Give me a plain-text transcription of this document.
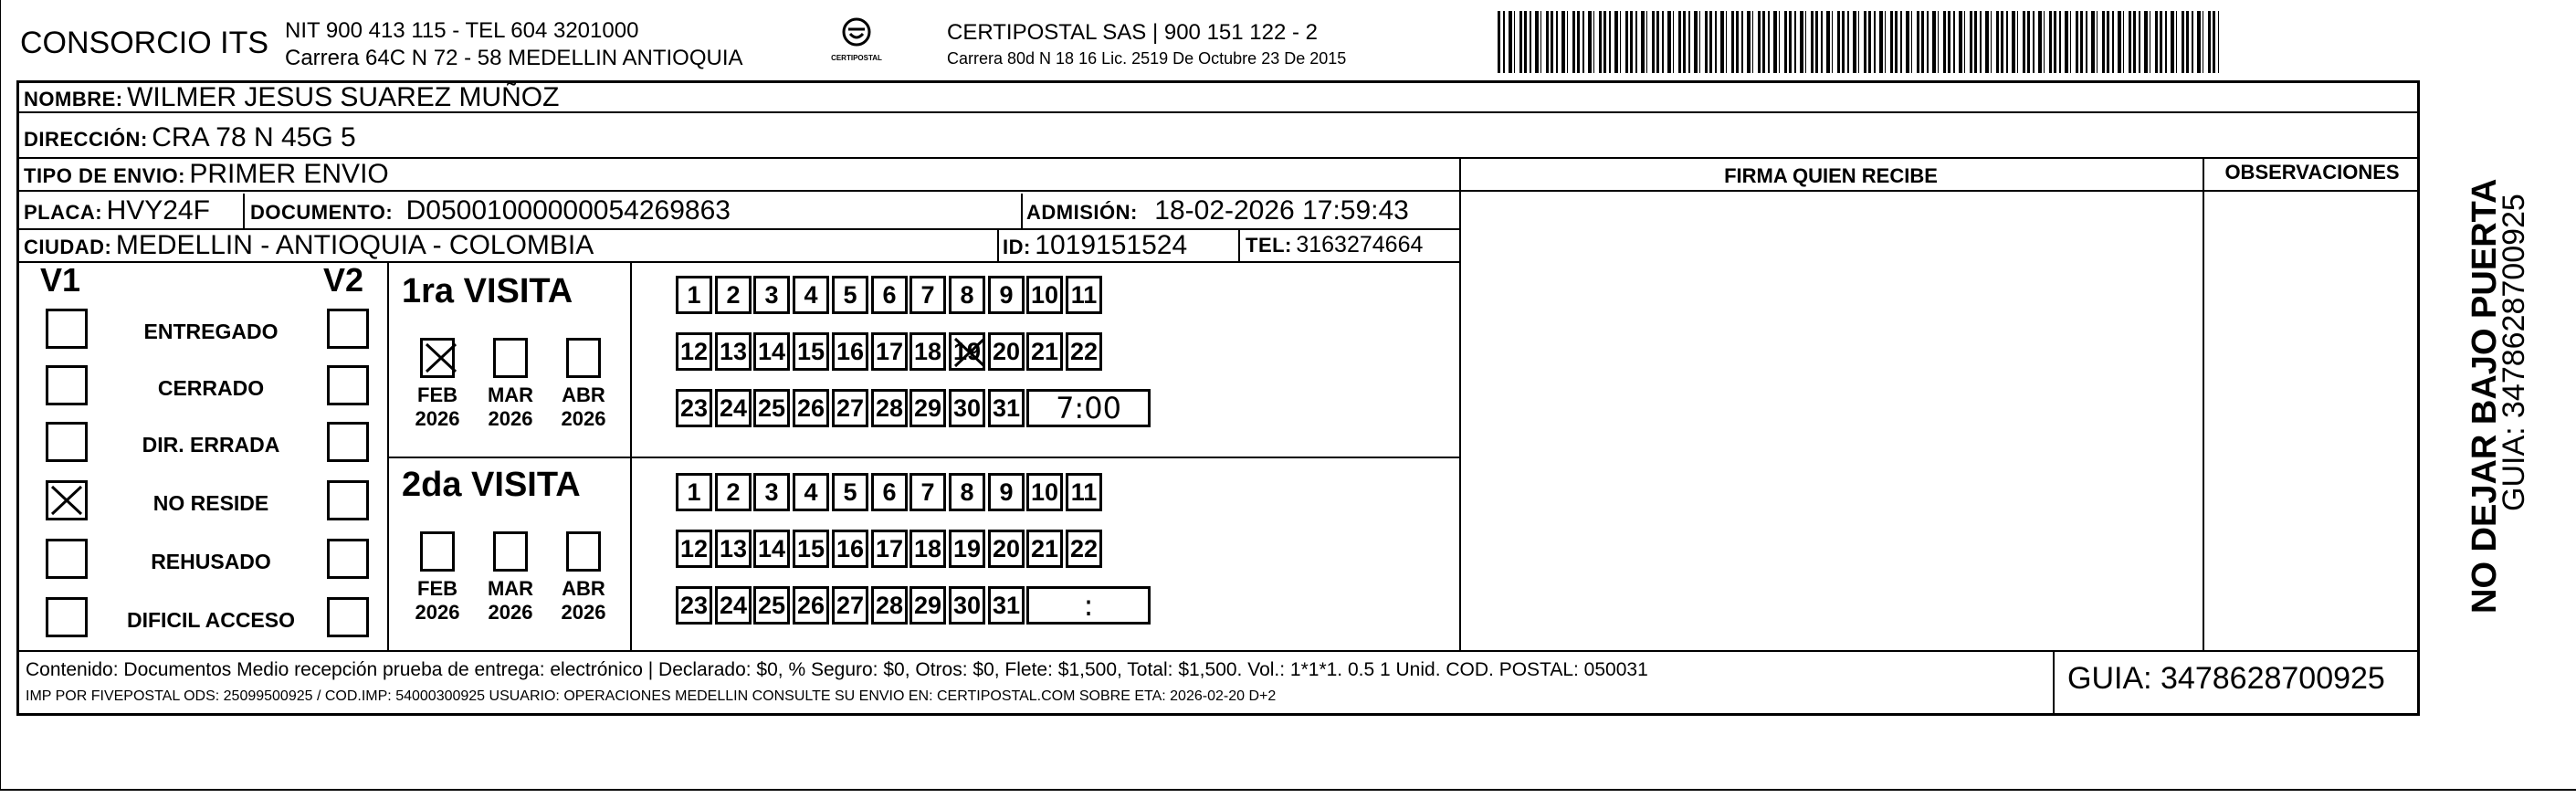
CONSORCIO ITS NIT 900 413 115 - TEL 604 3201000
Carrera 64C N 72 - 58 MEDELLIN ANTIOQUIA	CERTIPOSTAL
CERTIPOSTAL SAS | 900 151 122 - 2
Carrera 80d N 18 16 Lic. 2519 De Octubre 23 De 2015
NO DEJAR BAJO PUERTA
GUIA: 3478628700925
NOMBRE: WILMER JESUS SUAREZ MUÑOZ
DIRECCIÓN: CRA 78 N 45G 5
TIPO DE ENVIO: PRIMER ENVIO	FIRMA QUIEN RECIBE	OBSERVACIONES
PLACA: HVY24F DOCUMENTO: D05001000000054269863	ADMISIÓN: 18-02-2026 17:59:43
CIUDAD: MEDELLIN - ANTIOQUIA - COLOMBIA	ID: 1019151524	TEL: 3163274664
V1	V2
ENTREGADO
CERRADO
DIR. ERRADA
NO RESIDE
REHUSADO
DIFICIL ACCESO
1ra VISITA
FEB
2026
MAR
2026
ABR
2026
1	2 3	4	5	6 7	8	9 10 11
12 13 14 15 16 17 18 19 20 21 22
23 24 25 26 27 28 29 30 31	7:00
2da VISITA
FEB
2026
MAR
2026
ABR
2026
1	2 3	4	5	6 7	8	9 10 11
12 13 14 15 16 17 18 19 20 21 22
23 24 25 26 27 28 29 30 31	:
Contenido: Documentos Medio recepción prueba de entrega: electrónico | Declarado: $0, % Seguro: $0, Otros: $0, Flete: $1,500, Total: $1,500. Vol.: 1*1*1. 0.5 1 Unid. COD. POSTAL: 050031
IMP POR FIVEPOSTAL ODS: 25099500925 / COD.IMP: 54000300925 USUARIO: OPERACIONES MEDELLIN CONSULTE SU ENVIO EN: CERTIPOSTAL.COM SOBRE ETA: 2026-02-20 D+2
GUIA: 3478628700925
